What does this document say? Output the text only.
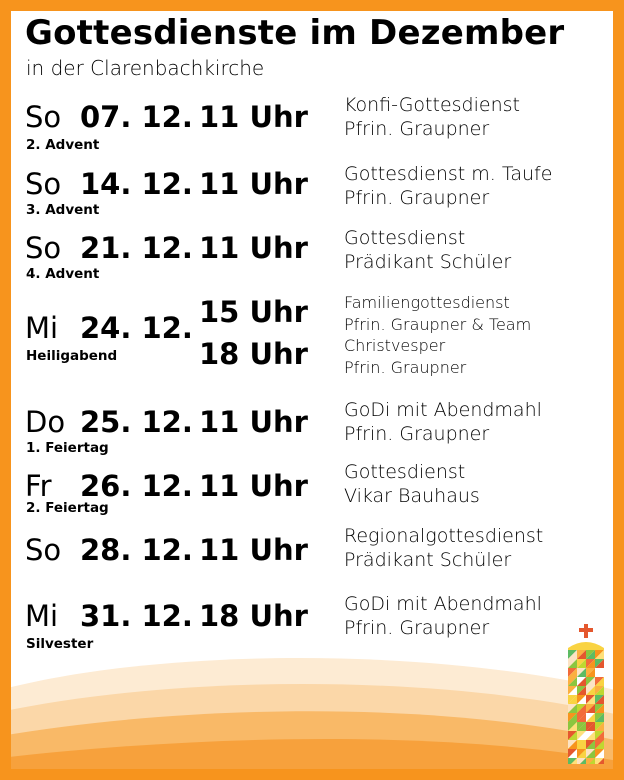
Gottesdienste im Dezember
in der Clarenbachkirche
So 07. 12. 11 Uhr
2. Advent
Konfi-Gottesdienst
Pfrin. Graupner
So 14. 12. 11 Uhr
3. Advent
Gottesdienst m. Taufe
Pfrin. Graupner
So 21. 12. 11 Uhr
4. Advent
Gottesdienst
Prädikant Schüler
Mi 24. 12. 15 Uhr
18 Uhr
Heiligabend
Familiengottesdienst
Pfrin. Graupner & Team
Christvesper
Pfrin. Graupner
Do 25. 12. 11 Uhr
1. Feiertag
GoDi mit Abendmahl
Pfrin. Graupner
Fr 26. 12. 11 Uhr
2. Feiertag
Gottesdienst
Vikar Bauhaus
So 28. 12. 11 Uhr Regionalgottesdienst
Prädikant Schüler
Mi 31. 12. 18 Uhr
Silvester
GoDi mit Abendmahl
Pfrin. Graupner
